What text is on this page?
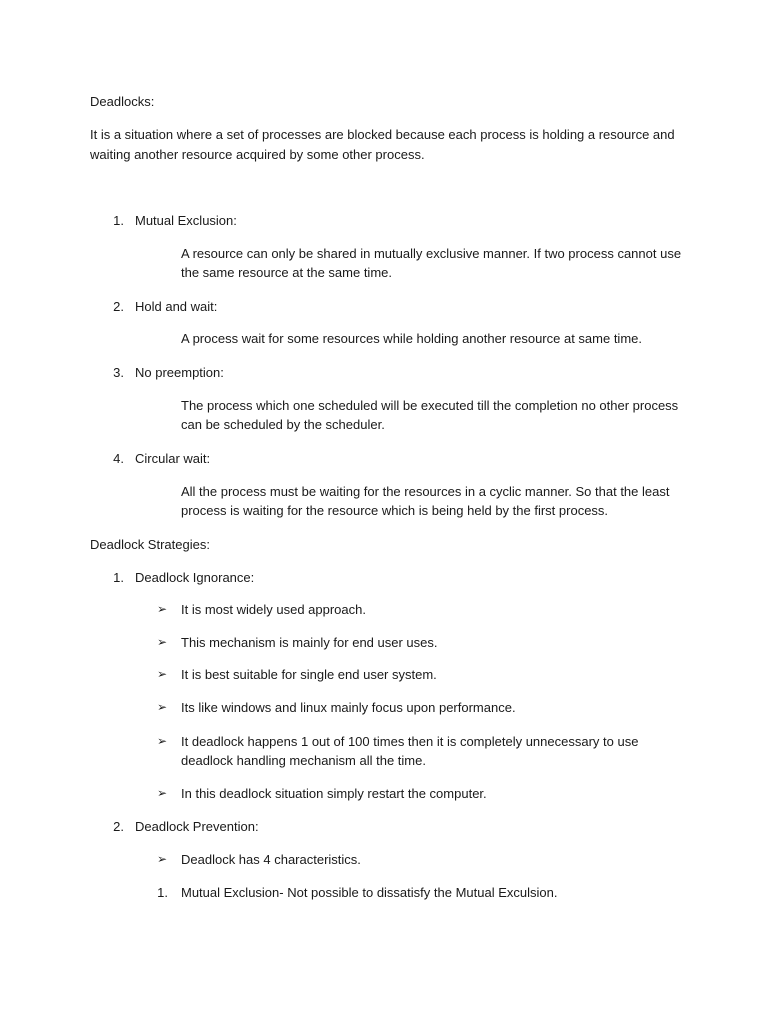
Deadlocks:
It is a situation where a set of processes are blocked because each process is holding a resource and
waiting another resource acquired by some other process.
1. Mutual Exclusion:
A resource can only be shared in mutually exclusive manner. If two process cannot use
the same resource at the same time.
2. Hold and wait:
A process wait for some resources while holding another resource at same time.
3. No preemption:
The process which one scheduled will be executed till the completion no other process
can be scheduled by the scheduler.
4. Circular wait:
All the process must be waiting for the resources in a cyclic manner. So that the least
process is waiting for the resource which is being held by the first process.
Deadlock Strategies:
1. Deadlock Ignorance:
➢ It is most widely used approach.
➢ This mechanism is mainly for end user uses.
➢ It is best suitable for single end user system.
➢ Its like windows and linux mainly focus upon performance.
➢ It deadlock happens 1 out of 100 times then it is completely unnecessary to use
deadlock handling mechanism all the time.
➢ In this deadlock situation simply restart the computer.
2. Deadlock Prevention:
➢ Deadlock has 4 characteristics.
1. Mutual Exclusion- Not possible to dissatisfy the Mutual Exculsion.
